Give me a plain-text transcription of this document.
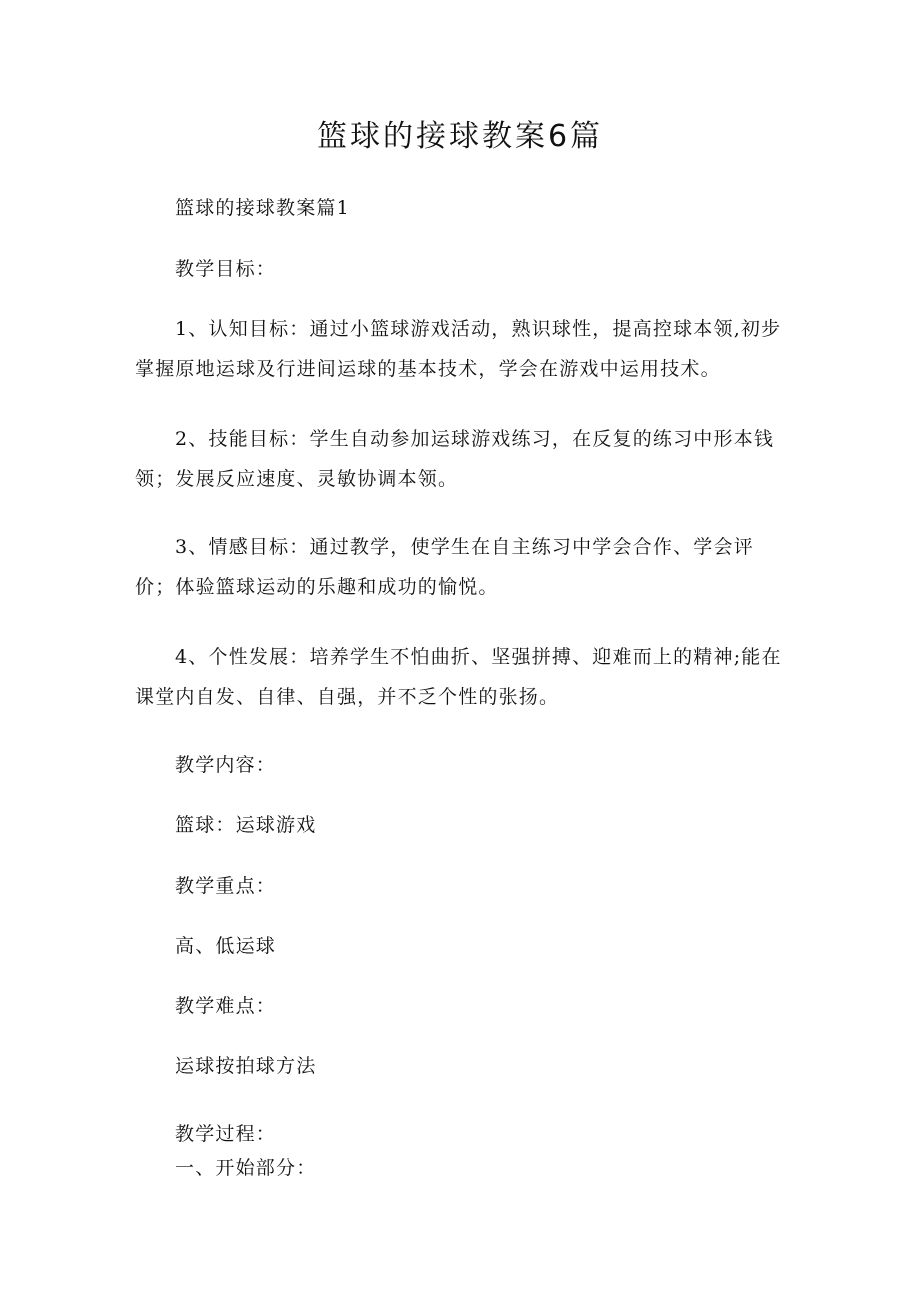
篮球的接球教案6篇

篮球的接球教案篇1

教学目标：

1、认知目标：通过小篮球游戏活动，熟识球性，提高控球本领,初步掌握原地运球及行进间运球的基本技术，学会在游戏中运用技术。

2、技能目标：学生自动参加运球游戏练习，在反复的练习中形本钱领；发展反应速度、灵敏协调本领。

3、情感目标：通过教学，使学生在自主练习中学会合作、学会评价；体验篮球运动的乐趣和成功的愉悦。

4、个性发展：培养学生不怕曲折、坚强拼搏、迎难而上的精神;能在课堂内自发、自律、自强，并不乏个性的张扬。

教学内容：

篮球：运球游戏

教学重点：

高、低运球

教学难点：

运球按拍球方法

教学过程：

一、开始部分：
